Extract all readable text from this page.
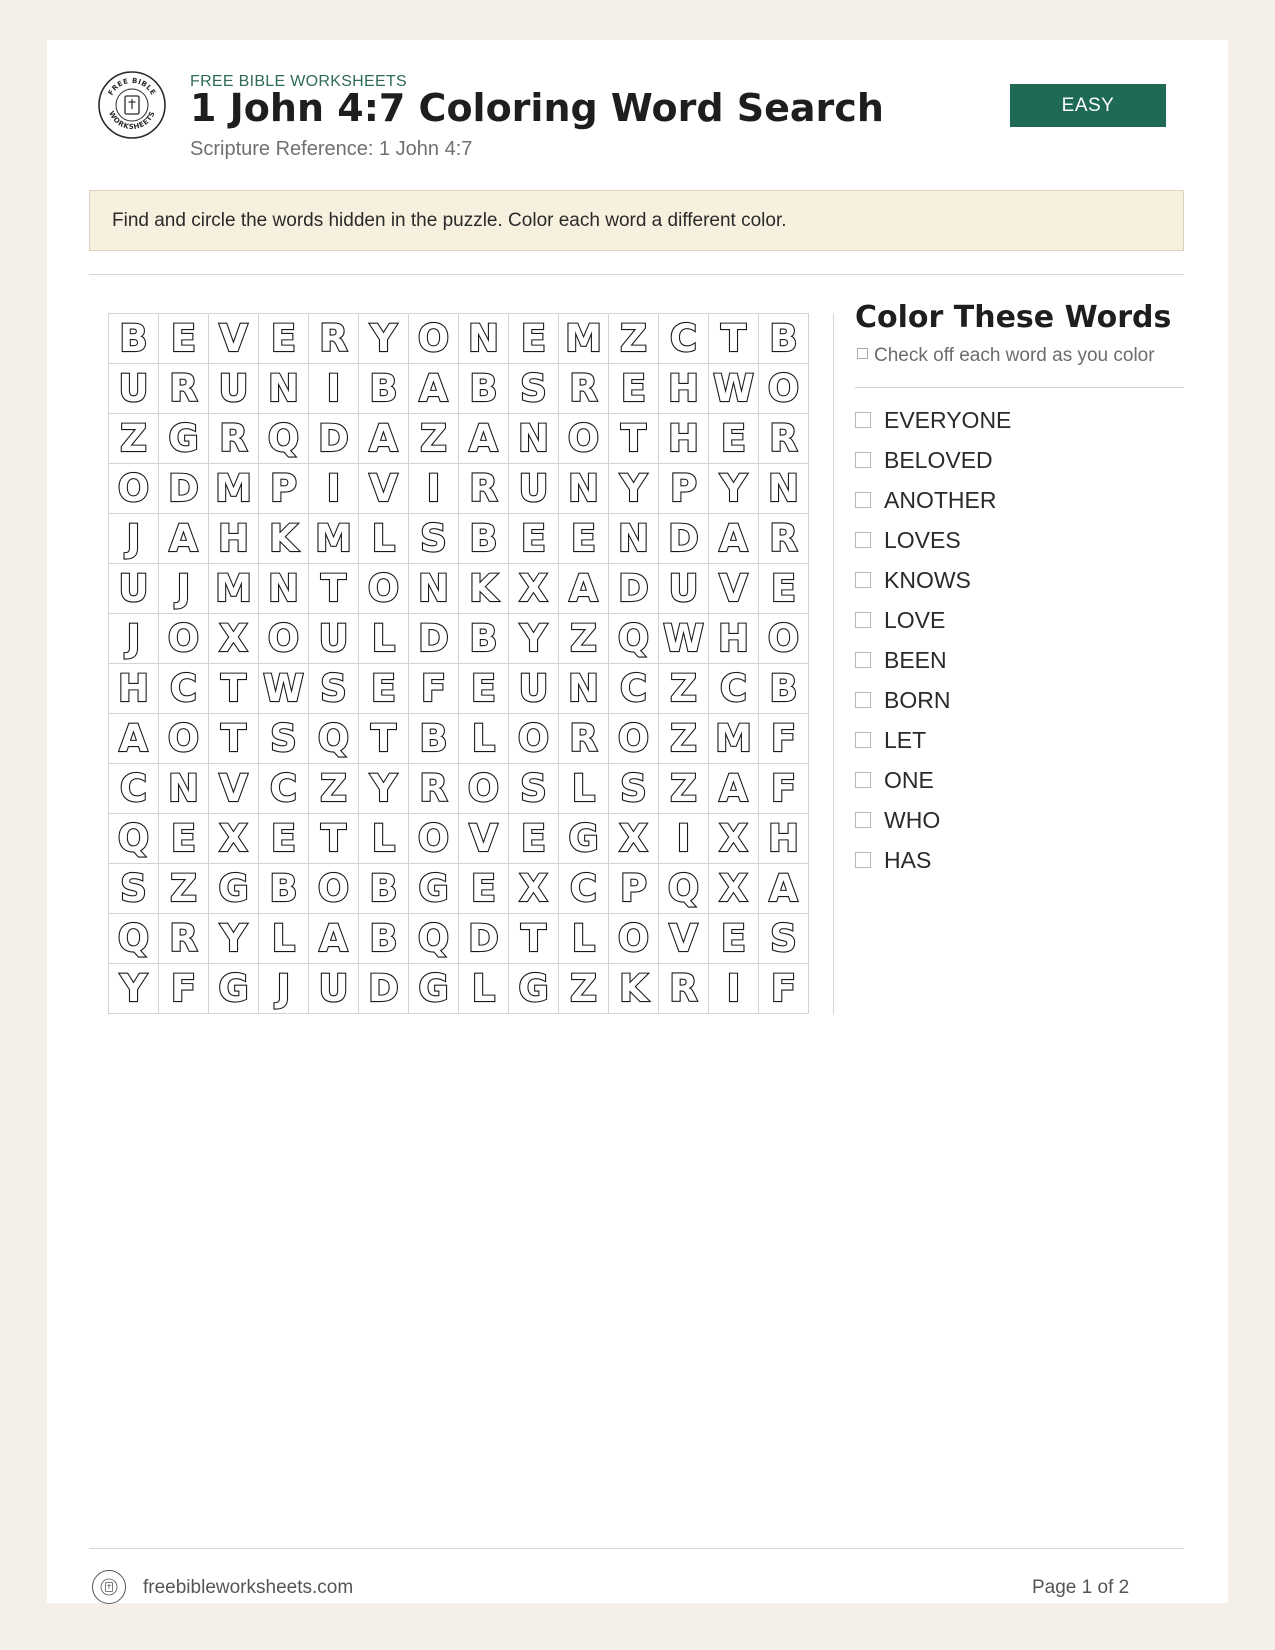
FREE BIBLE
WORKSHEETS
FREE BIBLE WORKSHEETS
1 John 4:7 Coloring Word Search
Scripture Reference: 1 John 4:7
EASY
Find and circle the words hidden in the puzzle. Color each word a different color.
B	E	V	E	R	Y	O	N	E	M	Z	C	T	B
U	R	U	N	I	B	A	B	S	R	E	H	W	O
Z	G	R	Q	D	A	Z	A	N	O	T	H	E	R
O	D	M	P	I	V	I	R	U	N	Y	P	Y	N
J	A	H	K	M	L	S	B	E	E	N	D	A	R
U	J	M	N	T	O	N	K	X	A	D	U	V	E
J	O	X	O	U	L	D	B	Y	Z	Q	W	H	O
H	C	T	W	S	E	F	E	U	N	C	Z	C	B
A	O	T	S	Q	T	B	L	O	R	O	Z	M	F
C	N	V	C	Z	Y	R	O	S	L	S	Z	A	F
Q	E	X	E	T	L	O	V	E	G	X	I	X	H
S	Z	G	B	O	B	G	E	X	C	P	Q	X	A
Q	R	Y	L	A	B	Q	D	T	L	O	V	E	S
Y	F	G	J	U	D	G	L	G	Z	K	R	I	F
Color These Words
Check off each word as you color
EVERYONE
BELOVED
ANOTHER
LOVES
KNOWS
LOVE
BEEN
BORN
LET
ONE
WHO
HAS
freebibleworksheets.com	Page 1 of 2
